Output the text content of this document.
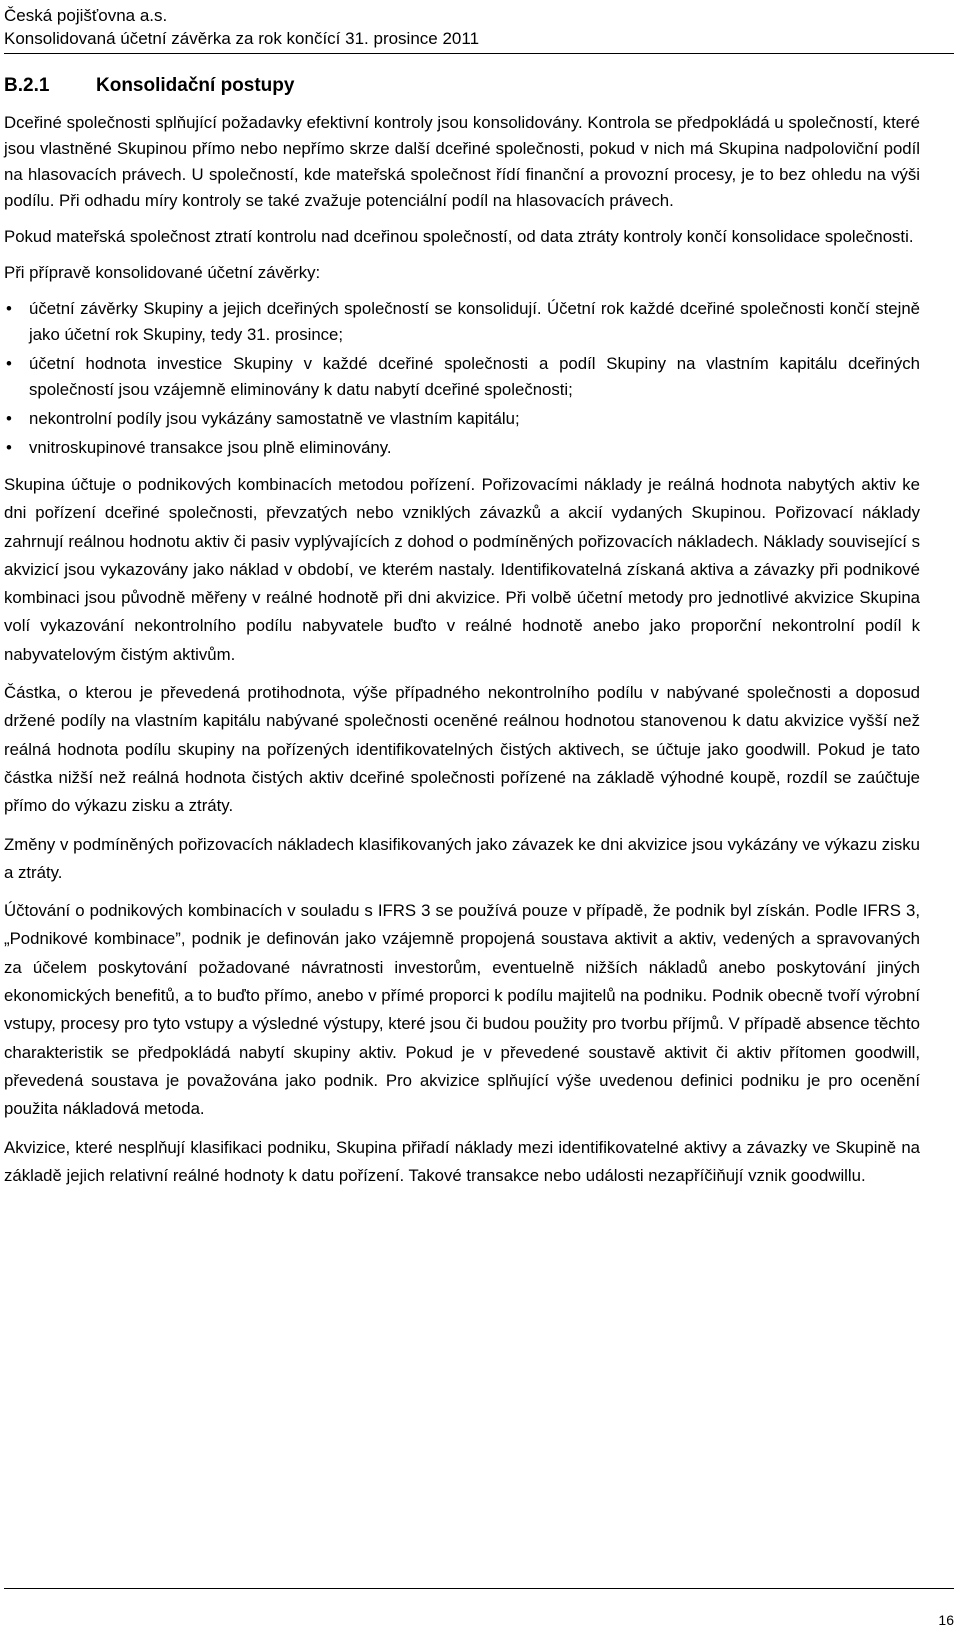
Česká pojišťovna a.s.
Konsolidovaná účetní závěrka za rok končící 31. prosince 2011
B.2.1 Konsolidační postupy

Dceřiné společnosti splňující požadavky efektivní kontroly jsou konsolidovány. Kontrola se předpokládá u společností, které jsou vlastněné Skupinou přímo nebo nepřímo skrze další dceřiné společnosti, pokud v nich má Skupina nadpoloviční podíl na hlasovacích právech. U společností, kde mateřská společnost řídí finanční a provozní procesy, je to bez ohledu na výši podílu. Při odhadu míry kontroly se také zvažuje potenciální podíl na hlasovacích právech.

Pokud mateřská společnost ztratí kontrolu nad dceřinou společností, od data ztráty kontroly končí konsolidace společnosti.

Při přípravě konsolidované účetní závěrky:

• účetní závěrky Skupiny a jejich dceřiných společností se konsolidují. Účetní rok každé dceřiné společnosti končí stejně jako účetní rok Skupiny, tedy 31. prosince;
• účetní hodnota investice Skupiny v každé dceřiné společnosti a podíl Skupiny na vlastním kapitálu dceřiných společností jsou vzájemně eliminovány k datu nabytí dceřiné společnosti;
• nekontrolní podíly jsou vykázány samostatně ve vlastním kapitálu;
• vnitroskupinové transakce jsou plně eliminovány.

Skupina účtuje o podnikových kombinacích metodou pořízení. Pořizovacími náklady je reálná hodnota nabytých aktiv ke dni pořízení dceřiné společnosti, převzatých nebo vzniklých závazků a akcií vydaných Skupinou. Pořizovací náklady zahrnují reálnou hodnotu aktiv či pasiv vyplývajících z dohod o podmíněných pořizovacích nákladech. Náklady související s akvizicí jsou vykazovány jako náklad v období, ve kterém nastaly. Identifikovatelná získaná aktiva a závazky při podnikové kombinaci jsou původně měřeny v reálné hodnotě při dni akvizice. Při volbě účetní metody pro jednotlivé akvizice Skupina volí vykazování nekontrolního podílu nabyvatele buďto v reálné hodnotě anebo jako proporční nekontrolní podíl k nabyvatelovým čistým aktivům.

Částka, o kterou je převedená protihodnota, výše případného nekontrolního podílu v nabývané společnosti a doposud držené podíly na vlastním kapitálu nabývané společnosti oceněné reálnou hodnotou stanovenou k datu akvizice vyšší než reálná hodnota podílu skupiny na pořízených identifikovatelných čistých aktivech, se účtuje jako goodwill. Pokud je tato částka nižší než reálná hodnota čistých aktiv dceřiné společnosti pořízené na základě výhodné koupě, rozdíl se zaúčtuje přímo do výkazu zisku a ztráty.

Změny v podmíněných pořizovacích nákladech klasifikovaných jako závazek ke dni akvizice jsou vykázány ve výkazu zisku a ztráty.

Účtování o podnikových kombinacích v souladu s IFRS 3 se používá pouze v případě, že podnik byl získán. Podle IFRS 3, „Podnikové kombinace”, podnik je definován jako vzájemně propojená soustava aktivit a aktiv, vedených a spravovaných za účelem poskytování požadované návratnosti investorům, eventuelně nižších nákladů anebo poskytování jiných ekonomických benefitů, a to buďto přímo, anebo v přímé proporci k podílu majitelů na podniku. Podnik obecně tvoří výrobní vstupy, procesy pro tyto vstupy a výsledné výstupy, které jsou či budou použity pro tvorbu příjmů. V případě absence těchto charakteristik se předpokládá nabytí skupiny aktiv. Pokud je v převedené soustavě aktivit či aktiv přítomen goodwill, převedená soustava je považována jako podnik. Pro akvizice splňující výše uvedenou definici podniku je pro ocenění použita nákladová metoda.

Akvizice, které nesplňují klasifikaci podniku, Skupina přiřadí náklady mezi identifikovatelné aktivy a závazky ve Skupině na základě jejich relativní reálné hodnoty k datu pořízení. Takové transakce nebo události nezapříčiňují vznik goodwillu.

16
